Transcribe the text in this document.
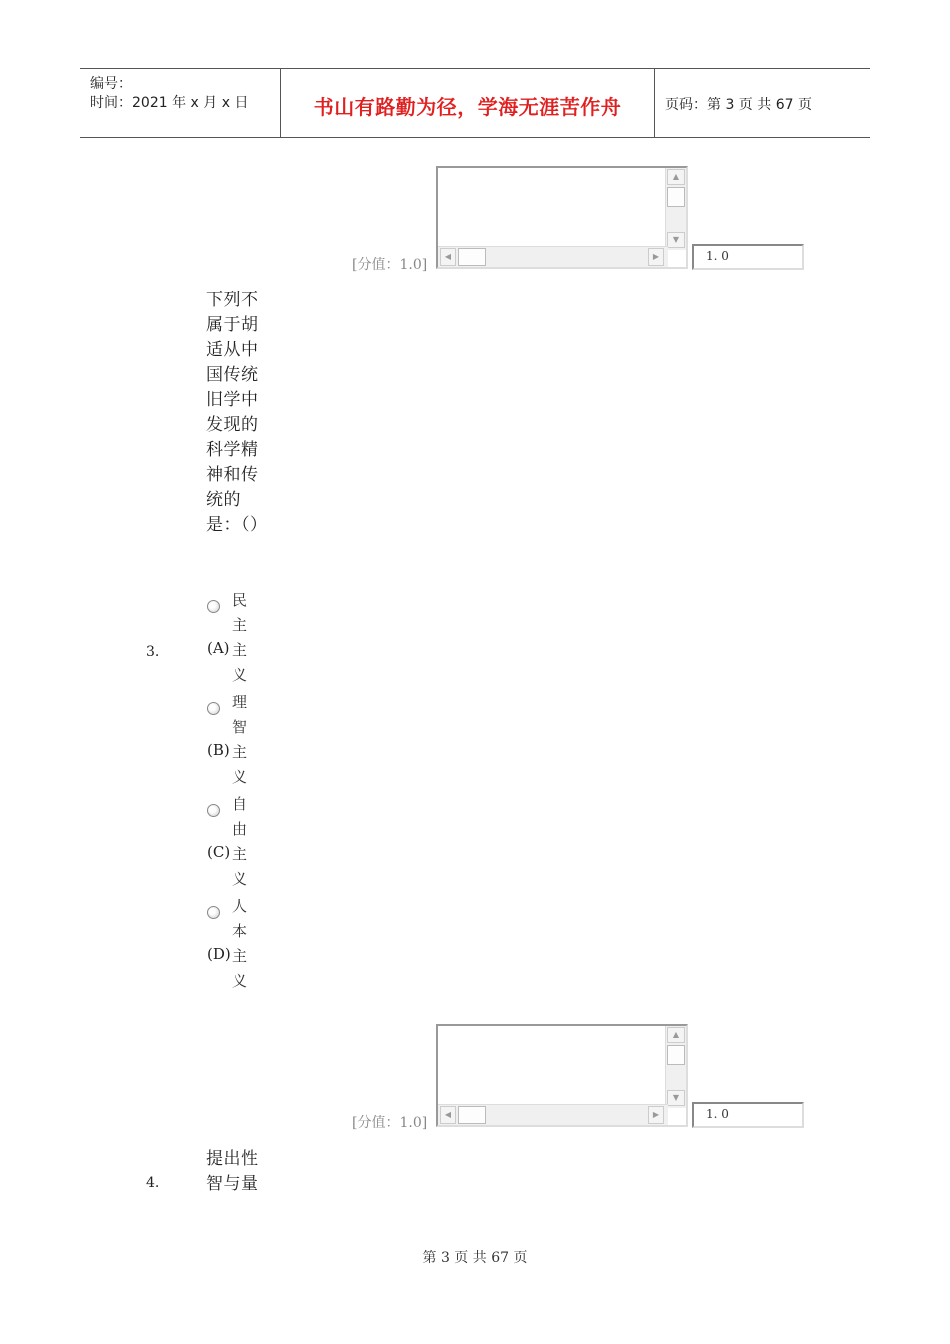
编号：
时间：2021 年 x 月 x 日	书山有路勤为径，学海无涯苦作舟	页码：第 3 页 共 67 页
[分值：1.0]
▲
▼
◀	▶	1. 0
3.
下列不属于胡适从中国传统旧学中发现的科学精神和传统的是：（）
(A)
民主主义
(B)
理智主义
(C)
自由主义
(D)
人本主义
[分值：1.0]
▲
▼
◀	▶	1. 0
4.
提出性智与量
第 3 页 共 67 页
